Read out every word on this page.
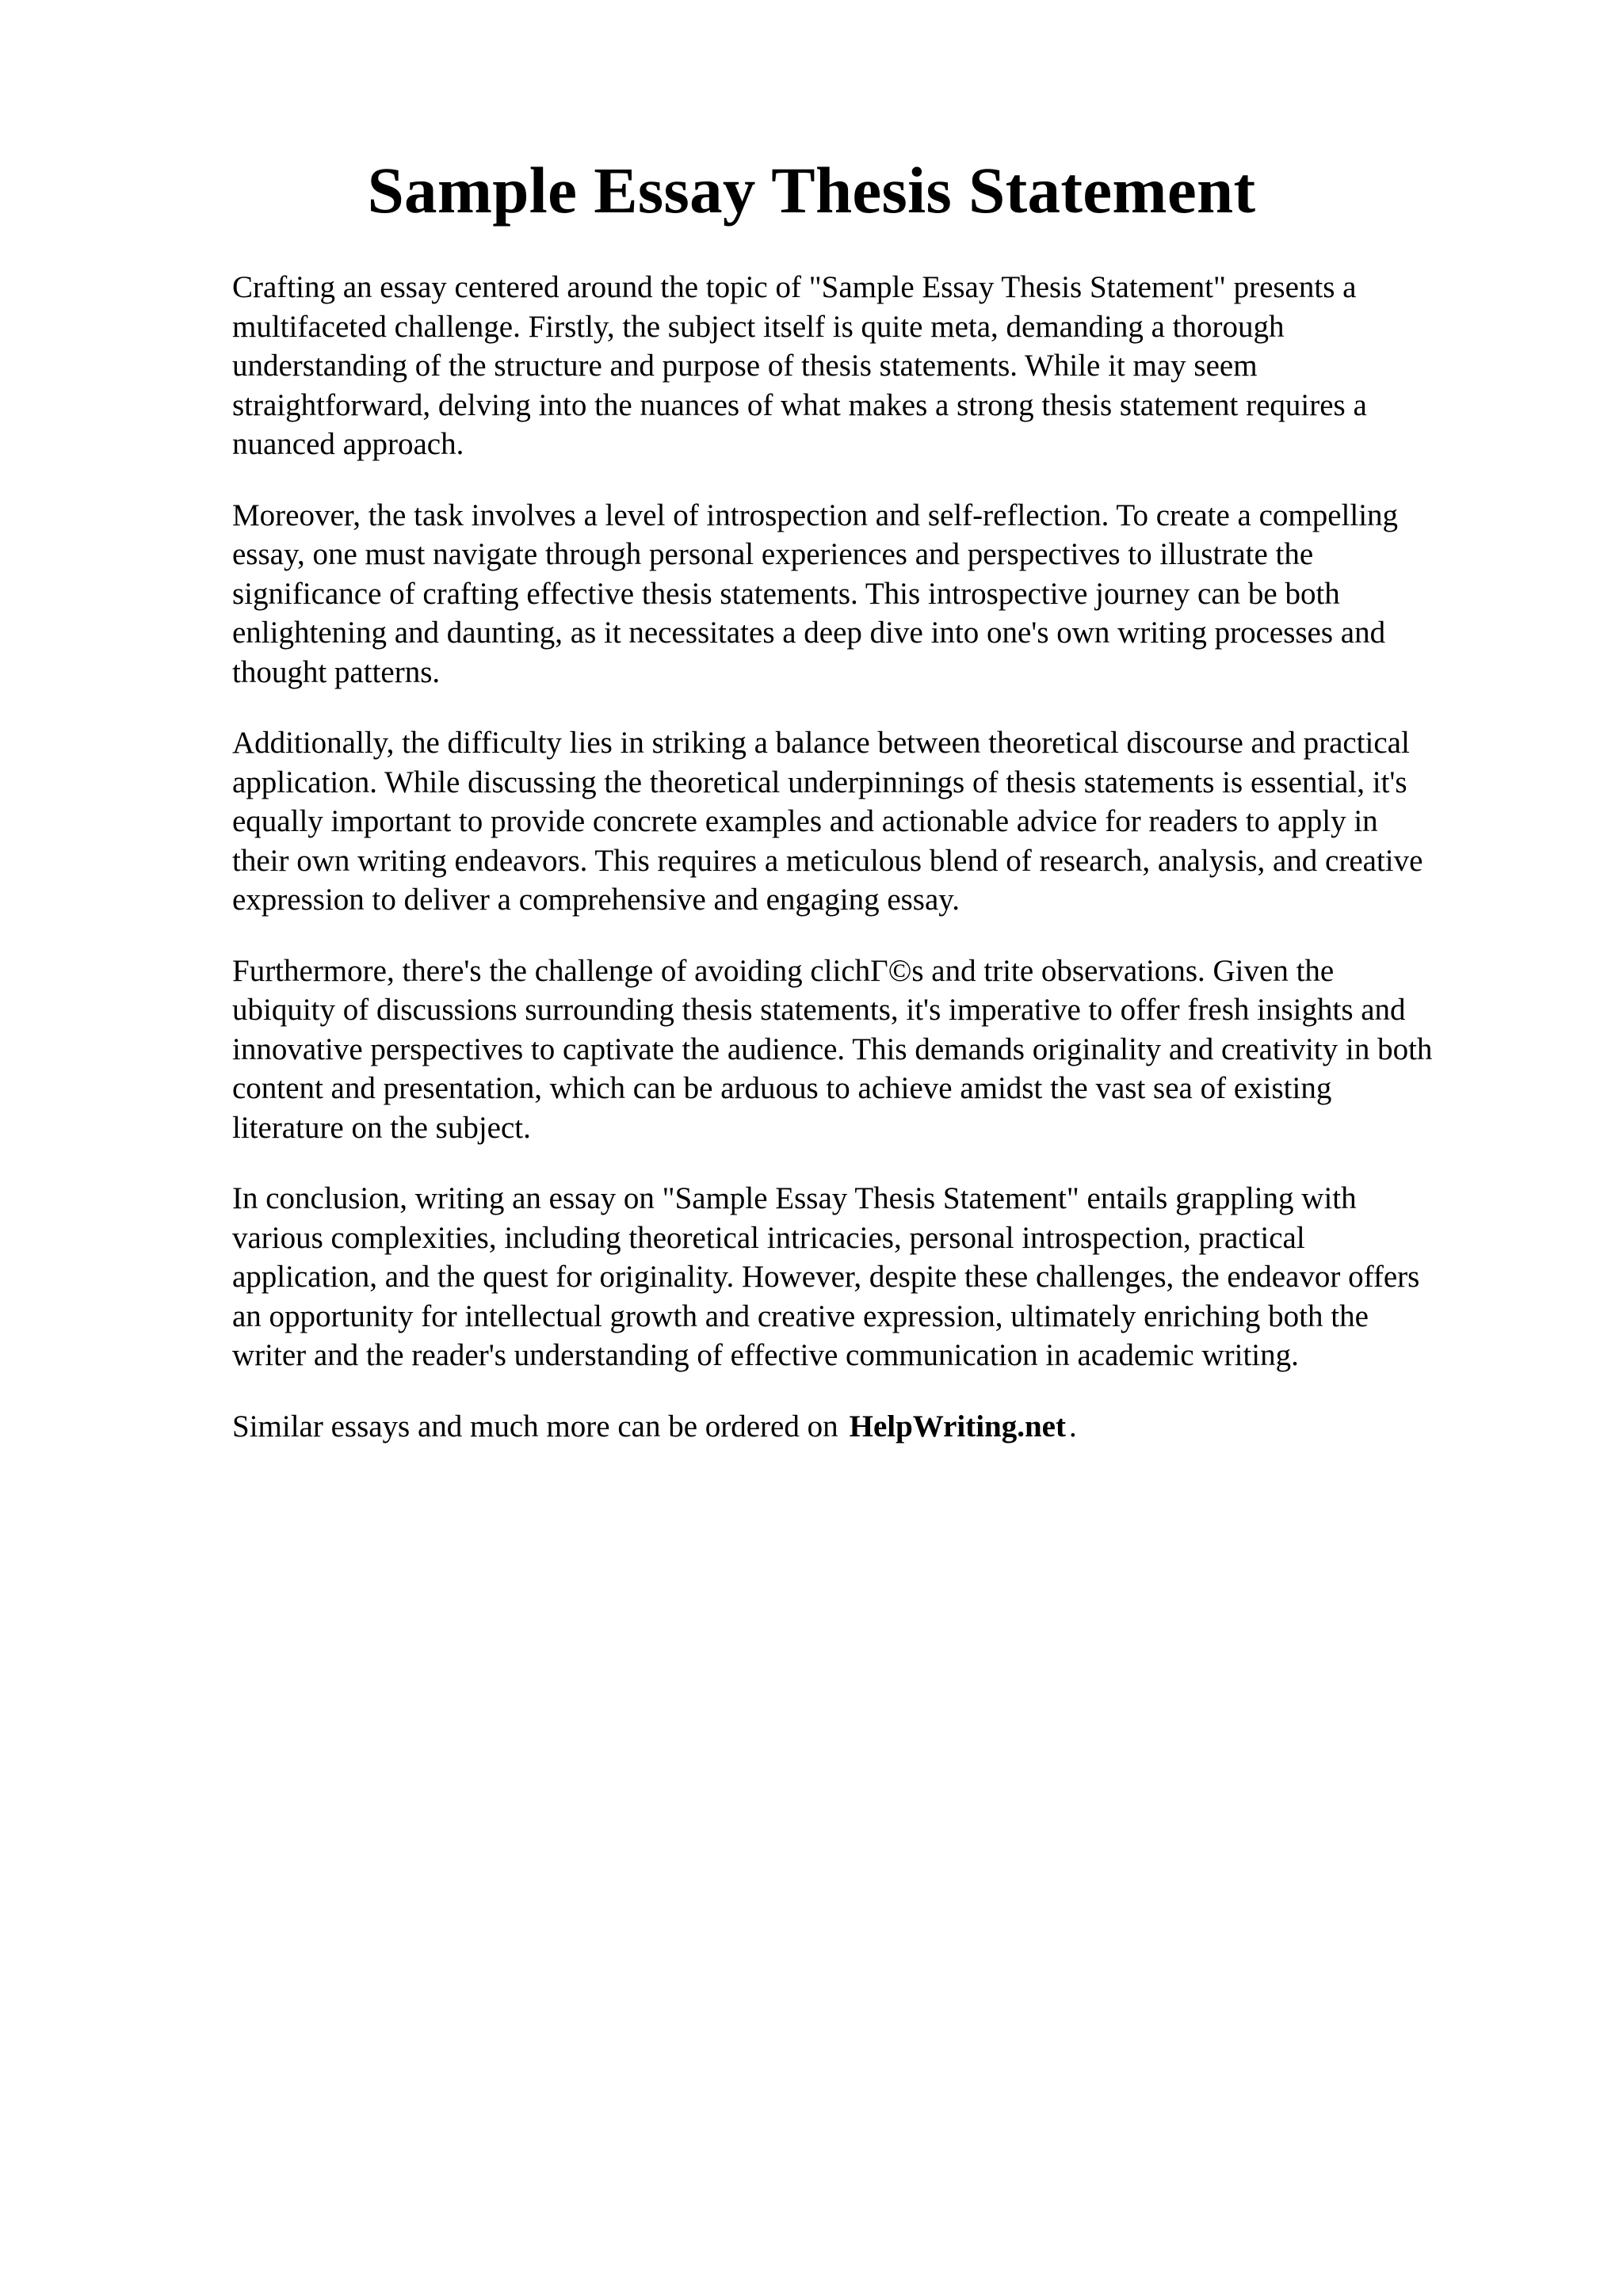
Sample Essay Thesis Statement

Crafting an essay centered around the topic of "Sample Essay Thesis Statement" presents a
multifaceted challenge. Firstly, the subject itself is quite meta, demanding a thorough
understanding of the structure and purpose of thesis statements. While it may seem
straightforward, delving into the nuances of what makes a strong thesis statement requires a
nuanced approach.

Moreover, the task involves a level of introspection and self-reflection. To create a compelling
essay, one must navigate through personal experiences and perspectives to illustrate the
significance of crafting effective thesis statements. This introspective journey can be both
enlightening and daunting, as it necessitates a deep dive into one's own writing processes and
thought patterns.

Additionally, the difficulty lies in striking a balance between theoretical discourse and practical
application. While discussing the theoretical underpinnings of thesis statements is essential, it's
equally important to provide concrete examples and actionable advice for readers to apply in
their own writing endeavors. This requires a meticulous blend of research, analysis, and creative
expression to deliver a comprehensive and engaging essay.

Furthermore, there's the challenge of avoiding clichΓ©s and trite observations. Given the
ubiquity of discussions surrounding thesis statements, it's imperative to offer fresh insights and
innovative perspectives to captivate the audience. This demands originality and creativity in both
content and presentation, which can be arduous to achieve amidst the vast sea of existing
literature on the subject.

In conclusion, writing an essay on "Sample Essay Thesis Statement" entails grappling with
various complexities, including theoretical intricacies, personal introspection, practical
application, and the quest for originality. However, despite these challenges, the endeavor offers
an opportunity for intellectual growth and creative expression, ultimately enriching both the
writer and the reader's understanding of effective communication in academic writing.

Similar essays and much more can be ordered on HelpWriting.net .
